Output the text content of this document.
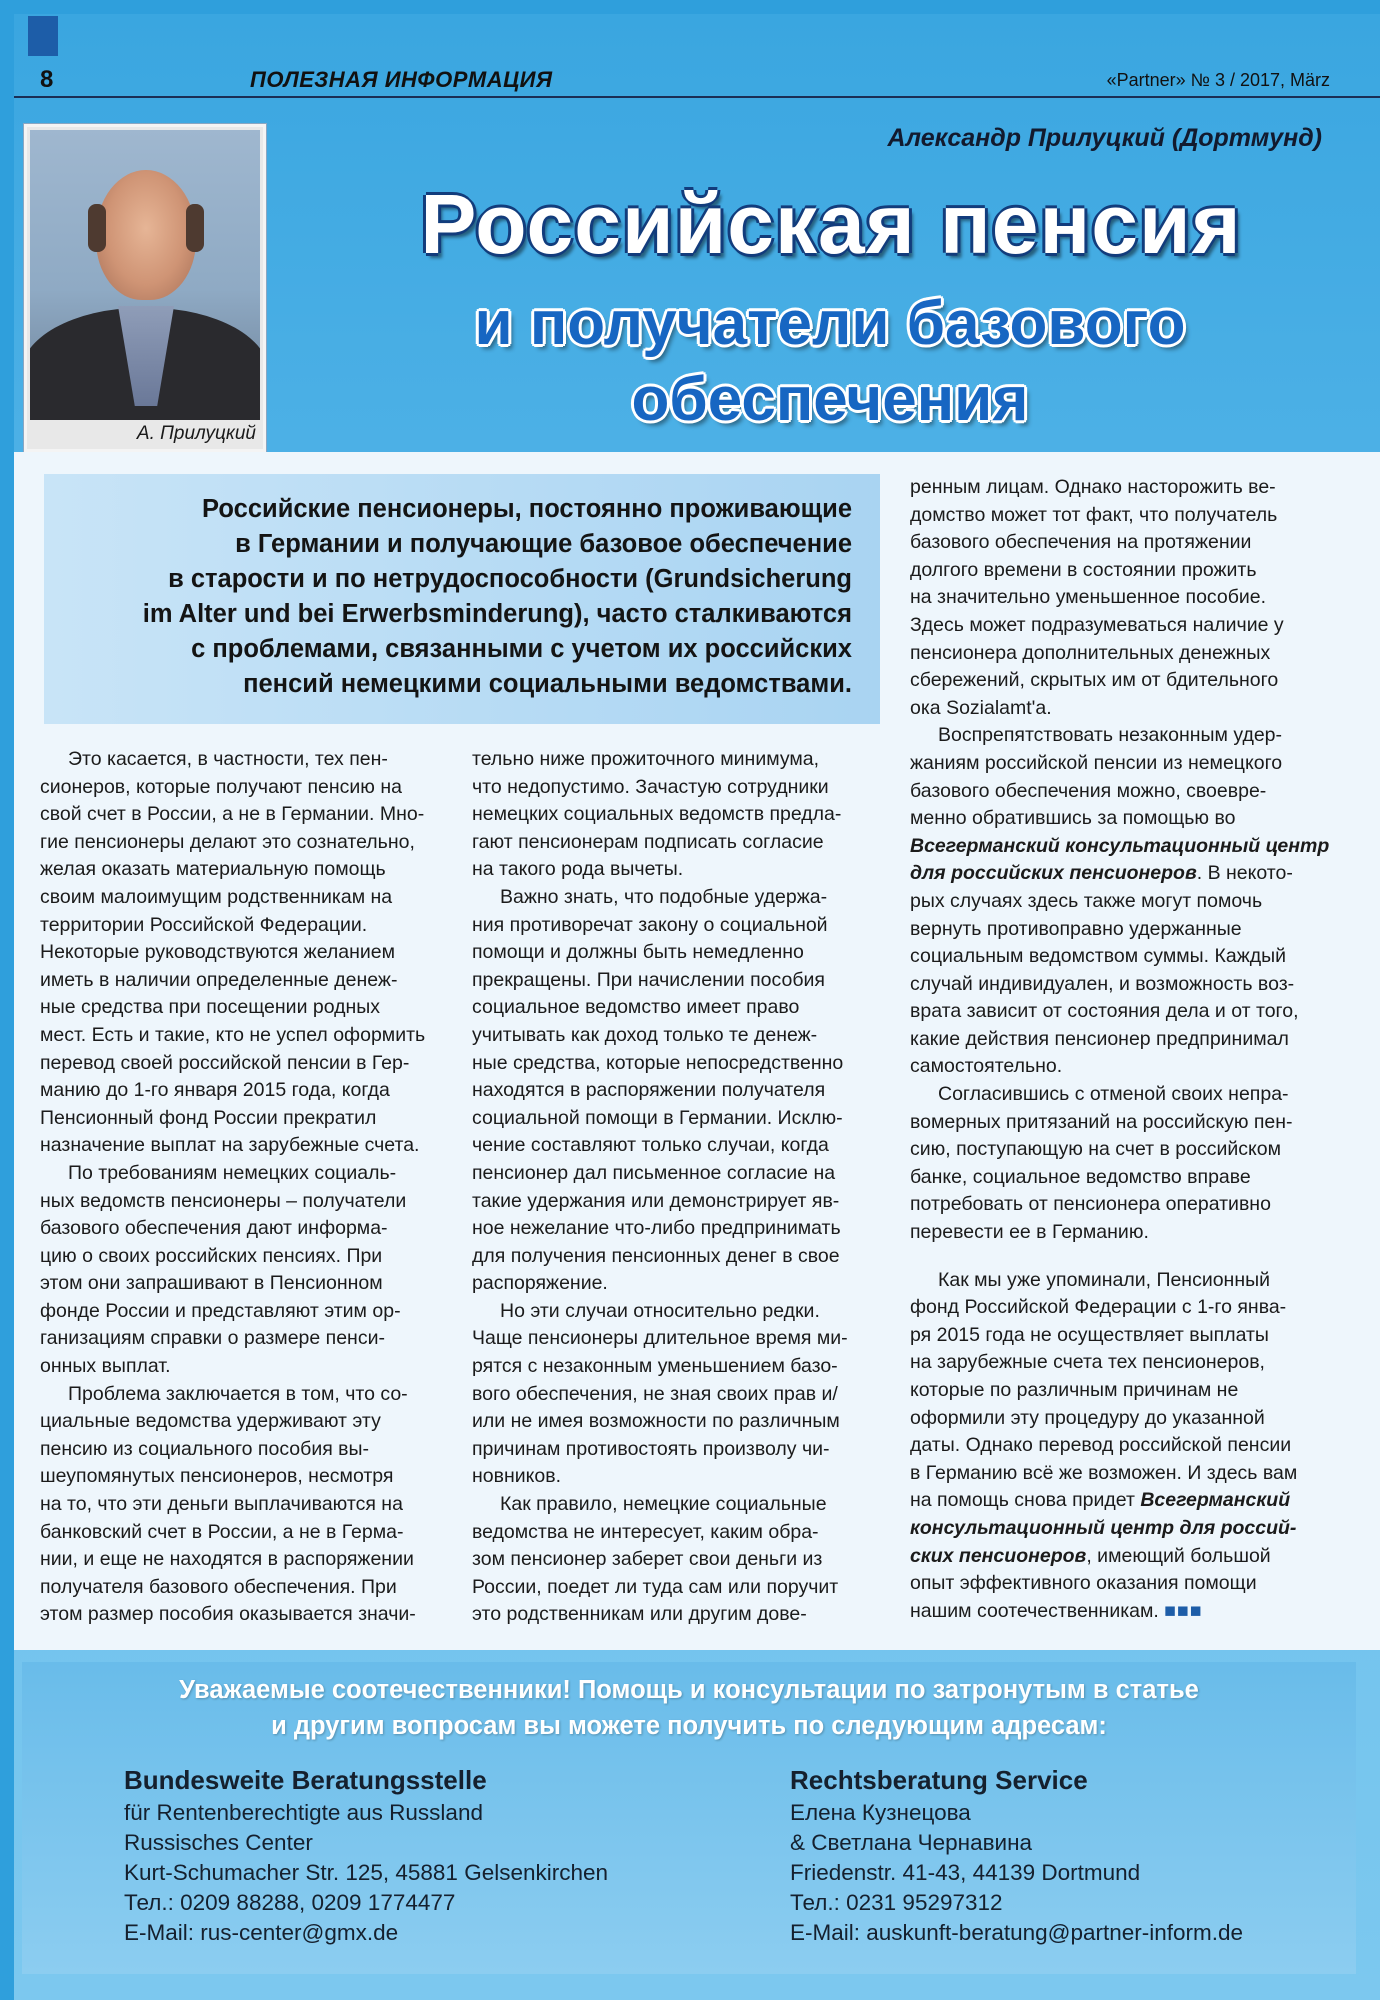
8	ПОЛЕЗНАЯ ИНФОРМАЦИЯ	«Partner» № 3 / 2017, März
А. Прилуцкий
Александр Прилуцкий (Дортмунд)
Российская пенсия
и получатели базового
обеспечения
Российские пенсионеры, постоянно проживающие
в Германии и получающие базовое обеспечение
в старости и по нетрудоспособности (Grundsicherung
im Alter und bei Erwerbsminderung), часто сталкиваются
с проблемами, связанными с учетом их российских
пенсий немецкими социальными ведомствами.
Это касается, в частности, тех пен-
сионеров, которые получают пенсию на
свой счет в России, а не в Германии. Мно-
гие пенсионеры делают это сознательно,
желая оказать материальную помощь
своим малоимущим родственникам на
территории Российской Федерации.
Некоторые руководствуются желанием
иметь в наличии определенные денеж-
ные средства при посещении родных
мест. Есть и такие, кто не успел оформить
перевод своей российской пенсии в Гер-
манию до 1-го января 2015 года, когда
Пенсионный фонд России прекратил
назначение выплат на зарубежные счета.
По требованиям немецких социаль-
ных ведомств пенсионеры – получатели
базового обеспечения дают информа-
цию о своих российских пенсиях. При
этом они запрашивают в Пенсионном
фонде России и представляют этим ор-
ганизациям справки о размере пенси-
онных выплат.
Проблема заключается в том, что со-
циальные ведомства удерживают эту
пенсию из социального пособия вы-
шеупомянутых пенсионеров, несмотря
на то, что эти деньги выплачиваются на
банковский счет в России, а не в Герма-
нии, и еще не находятся в распоряжении
получателя базового обеспечения. При
этом размер пособия оказывается значи-
тельно ниже прожиточного минимума,
что недопустимо. Зачастую сотрудники
немецких социальных ведомств предла-
гают пенсионерам подписать согласие
на такого рода вычеты.
Важно знать, что подобные удержа-
ния противоречат закону о социальной
помощи и должны быть немедленно
прекращены. При начислении пособия
социальное ведомство имеет право
учитывать как доход только те денеж-
ные средства, которые непосредственно
находятся в распоряжении получателя
социальной помощи в Германии. Исклю-
чение составляют только случаи, когда
пенсионер дал письменное согласие на
такие удержания или демонстрирует яв-
ное нежелание что-либо предпринимать
для получения пенсионных денег в свое
распоряжение.
Но эти случаи относительно редки.
Чаще пенсионеры длительное время ми-
рятся с незаконным уменьшением базо-
вого обеспечения, не зная своих прав и/
или не имея возможности по различным
причинам противостоять произволу чи-
новников.
Как правило, немецкие социальные
ведомства не интересует, каким обра-
зом пенсионер заберет свои деньги из
России, поедет ли туда сам или поручит
это родственникам или другим дове-
ренным лицам. Однако насторожить ве-
домство может тот факт, что получатель
базового обеспечения на протяжении
долгого времени в состоянии прожить
на значительно уменьшенное пособие.
Здесь может подразумеваться наличие у
пенсионера дополнительных денежных
сбережений, скрытых им от бдительного
ока Sozialamt'a.
Воспрепятствовать незаконным удер-
жаниям российской пенсии из немецкого
базового обеспечения можно, своевре-
менно обратившись за помощью во
Всегерманский консультационный центр
для российских пенсионеров. В некото-
рых случаях здесь также могут помочь
вернуть противоправно удержанные
социальным ведомством суммы. Каждый
случай индивидуален, и возможность воз-
врата зависит от состояния дела и от того,
какие действия пенсионер предпринимал
самостоятельно.
Согласившись с отменой своих непра-
вомерных притязаний на российскую пен-
сию, поступающую на счет в российском
банке, социальное ведомство вправе
потребовать от пенсионера оперативно
перевести ее в Германию.
Как мы уже упоминали, Пенсионный
фонд Российской Федерации с 1-го янва-
ря 2015 года не осуществляет выплаты
на зарубежные счета тех пенсионеров,
которые по различным причинам не
оформили эту процедуру до указанной
даты. Однако перевод российской пенсии
в Германию всё же возможен. И здесь вам
на помощь снова придет Всегерманский
консультационный центр для россий-
ских пенсионеров, имеющий большой
опыт эффективного оказания помощи
нашим соотечественникам. ■■■
Уважаемые соотечественники! Помощь и консультации по затронутым в статье
и другим вопросам вы можете получить по следующим адресам:
Bundesweite Beratungsstelle
für Rentenberechtigte aus Russland
Russisches Center
Kurt-Schumacher Str. 125, 45881 Gelsenkirchen
Тел.: 0209 88288, 0209 1774477
E-Mail: rus-center@gmx.de
Rechtsberatung Service
Елена Кузнецова
& Светлана Чернавина
Friedenstr. 41-43, 44139 Dortmund
Тел.: 0231 95297312
E-Mail: auskunft-beratung@partner-inform.de
